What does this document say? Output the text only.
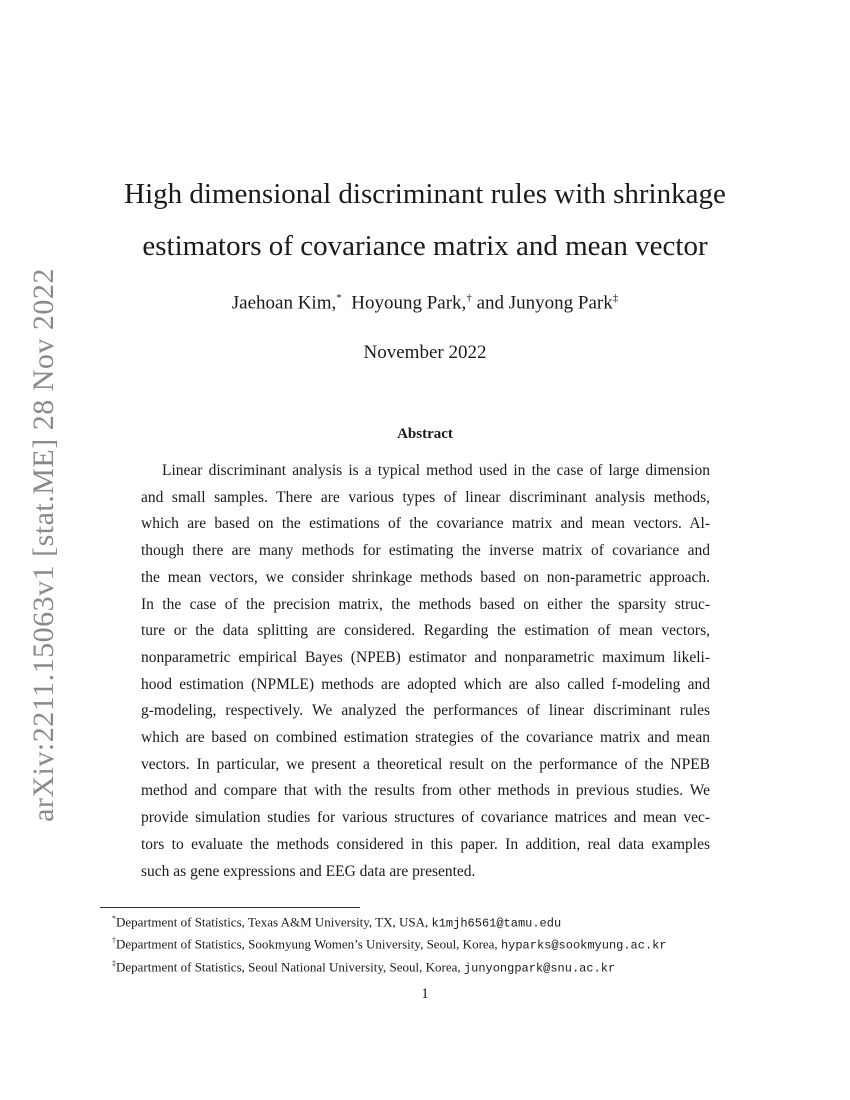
arXiv:2211.15063v1 [stat.ME] 28 Nov 2022
High dimensional discriminant rules with shrinkage
estimators of covariance matrix and mean vector
Jaehoan Kim,* Hoyoung Park,† and Junyong Park‡
November 2022
Abstract
Linear discriminant analysis is a typical method used in the case of large dimension
and small samples. There are various types of linear discriminant analysis methods,
which are based on the estimations of the covariance matrix and mean vectors. Al-
though there are many methods for estimating the inverse matrix of covariance and
the mean vectors, we consider shrinkage methods based on non-parametric approach.
In the case of the precision matrix, the methods based on either the sparsity struc-
ture or the data splitting are considered. Regarding the estimation of mean vectors,
nonparametric empirical Bayes (NPEB) estimator and nonparametric maximum likeli-
hood estimation (NPMLE) methods are adopted which are also called f-modeling and
g-modeling, respectively. We analyzed the performances of linear discriminant rules
which are based on combined estimation strategies of the covariance matrix and mean
vectors. In particular, we present a theoretical result on the performance of the NPEB
method and compare that with the results from other methods in previous studies. We
provide simulation studies for various structures of covariance matrices and mean vec-
tors to evaluate the methods considered in this paper. In addition, real data examples
such as gene expressions and EEG data are presented.
*Department of Statistics, Texas A&M University, TX, USA, k1mjh6561@tamu.edu
†Department of Statistics, Sookmyung Women’s University, Seoul, Korea, hyparks@sookmyung.ac.kr
‡Department of Statistics, Seoul National University, Seoul, Korea, junyongpark@snu.ac.kr
1
